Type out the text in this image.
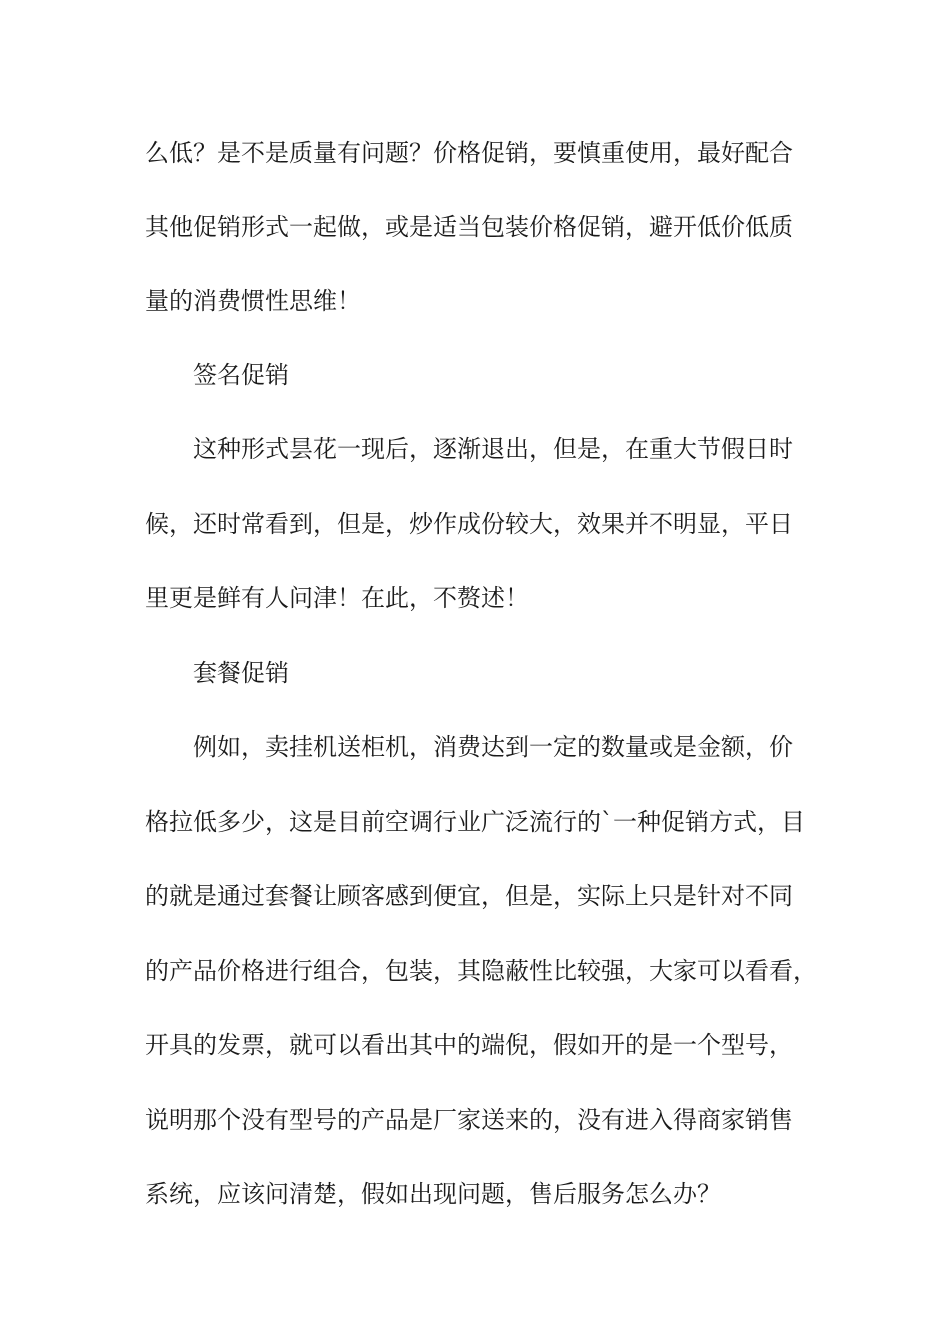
么低？是不是质量有问题？价格促销，要慎重使用，最好配合
其他促销形式一起做，或是适当包装价格促销，避开低价低质
量的消费惯性思维！
签名促销
这种形式昙花一现后，逐渐退出，但是，在重大节假日时
候，还时常看到，但是，炒作成份较大，效果并不明显，平日
里更是鲜有人问津！在此，不赘述！
套餐促销
例如，卖挂机送柜机，消费达到一定的数量或是金额，价
格拉低多少，这是目前空调行业广泛流行的`一种促销方式，目
的就是通过套餐让顾客感到便宜，但是，实际上只是针对不同
的产品价格进行组合，包装，其隐蔽性比较强，大家可以看看，
开具的发票，就可以看出其中的端倪，假如开的是一个型号，
说明那个没有型号的产品是厂家送来的，没有进入得商家销售
系统，应该问清楚，假如出现问题，售后服务怎么办？
